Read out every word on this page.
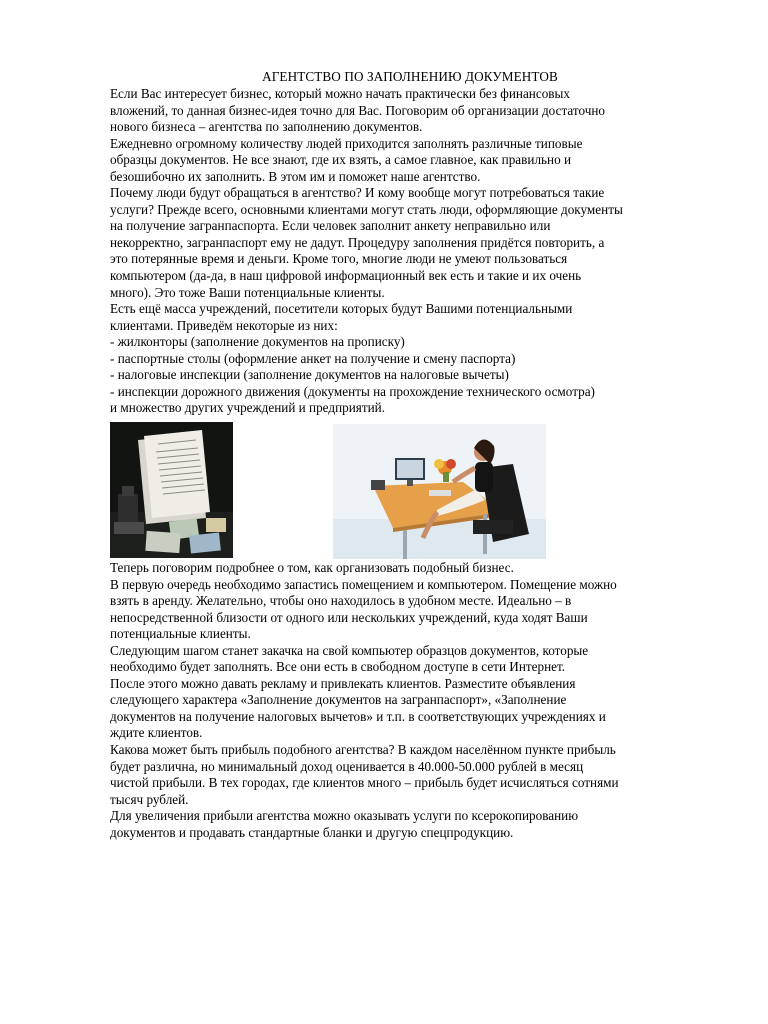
АГЕНТСТВО ПО ЗАПОЛНЕНИЮ ДОКУМЕНТОВ
Если Вас интересует бизнес, который можно начать практически без финансовых
вложений, то данная бизнес-идея точно для Вас. Поговорим об организации достаточно
нового бизнеса – агентства по заполнению документов.
Ежедневно огромному количеству людей приходится заполнять различные типовые
образцы документов. Не все знают, где их взять, а самое главное, как правильно и
безошибочно их заполнить. В этом им и поможет наше агентство.
Почему люди будут обращаться в агентство? И кому вообще могут потребоваться такие
услуги? Прежде всего, основными клиентами могут стать люди, оформляющие документы
на получение загранпаспорта. Если человек заполнит анкету неправильно или
некорректно, загранпаспорт ему не дадут. Процедуру заполнения придётся повторить, а
это потерянные время и деньги. Кроме того, многие люди не умеют пользоваться
компьютером (да-да, в наш цифровой информационный век есть и такие и их очень
много). Это тоже Ваши потенциальные клиенты.
Есть ещё масса учреждений, посетители которых будут Вашими потенциальными
клиентами. Приведём некоторые из них:
- жилконторы (заполнение документов на прописку)
- паспортные столы (оформление анкет на получение и смену паспорта)
- налоговые инспекции (заполнение документов на налоговые вычеты)
- инспекции дорожного движения (документы на прохождение технического осмотра)
и множество других учреждений и предприятий.
Теперь поговорим подробнее о том, как организовать подобный бизнес.
В первую очередь необходимо запастись помещением и компьютером. Помещение можно
взять в аренду. Желательно, чтобы оно находилось в удобном месте. Идеально – в
непосредственной близости от одного или нескольких учреждений, куда ходят Ваши
потенциальные клиенты.
Следующим шагом станет закачка на свой компьютер образцов документов, которые
необходимо будет заполнять. Все они есть в свободном доступе в сети Интернет.
После этого можно давать рекламу и привлекать клиентов. Разместите объявления
следующего характера «Заполнение документов на загранпаспорт», «Заполнение
документов на получение налоговых вычетов» и т.п. в соответствующих учреждениях и
ждите клиентов.
Какова может быть прибыль подобного агентства? В каждом населённом пункте прибыль
будет различна, но минимальный доход оценивается в 40.000-50.000 рублей в месяц
чистой прибыли. В тех городах, где клиентов много – прибыль будет исчисляться сотнями
тысяч рублей.
Для увеличения прибыли агентства можно оказывать услуги по ксерокопированию
документов и продавать стандартные бланки и другую спецпродукцию.
